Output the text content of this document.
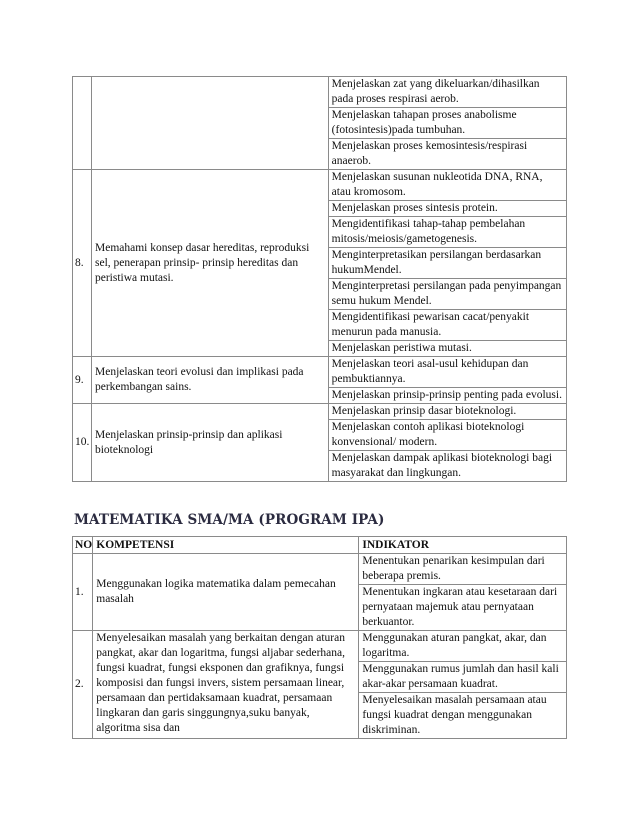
		Menjelaskan zat yang dikeluarkan/dihasilkan pada proses respirasi aerob.
		Menjelaskan tahapan proses anabolisme (fotosintesis)pada tumbuhan.
		Menjelaskan proses kemosintesis/respirasi anaerob.
8.	Memahami konsep dasar hereditas, reproduksi sel, penerapan prinsip- prinsip hereditas dan peristiwa mutasi.	Menjelaskan susunan nukleotida DNA, RNA, atau kromosom.
		Menjelaskan proses sintesis protein.
		Mengidentifikasi tahap-tahap pembelahan mitosis/meiosis/gametogenesis.
		Menginterpretasikan persilangan berdasarkan hukumMendel.
		Menginterpretasi persilangan pada penyimpangan semu hukum Mendel.
		Mengidentifikasi pewarisan cacat/penyakit menurun pada manusia.
		Menjelaskan peristiwa mutasi.
9.	Menjelaskan teori evolusi dan implikasi pada perkembangan sains.	Menjelaskan teori asal-usul kehidupan dan pembuktiannya.
		Menjelaskan prinsip-prinsip penting pada evolusi.
10.	Menjelaskan prinsip-prinsip dan aplikasi bioteknologi	Menjelaskan prinsip dasar bioteknologi.
		Menjelaskan contoh aplikasi bioteknologi konvensional/ modern.
		Menjelaskan dampak aplikasi bioteknologi bagi masyarakat dan lingkungan.
MATEMATIKA SMA/MA (PROGRAM IPA)
NO	KOMPETENSI	INDIKATOR
1.	Menggunakan logika matematika dalam pemecahan masalah	Menentukan penarikan kesimpulan dari beberapa premis.
		Menentukan ingkaran atau kesetaraan dari pernyataan majemuk atau pernyataan berkuantor.
2.	Menyelesaikan masalah yang berkaitan dengan aturan pangkat, akar dan logaritma, fungsi aljabar sederhana, fungsi kuadrat, fungsi eksponen dan grafiknya, fungsi komposisi dan fungsi invers, sistem persamaan linear, persamaan dan pertidaksamaan kuadrat, persamaan lingkaran dan garis singgungnya,suku banyak, algoritma sisa dan	Menggunakan aturan pangkat, akar, dan logaritma.
		Menggunakan rumus jumlah dan hasil kali akar-akar persamaan kuadrat.
		Menyelesaikan masalah persamaan atau fungsi kuadrat dengan menggunakan diskriminan.
